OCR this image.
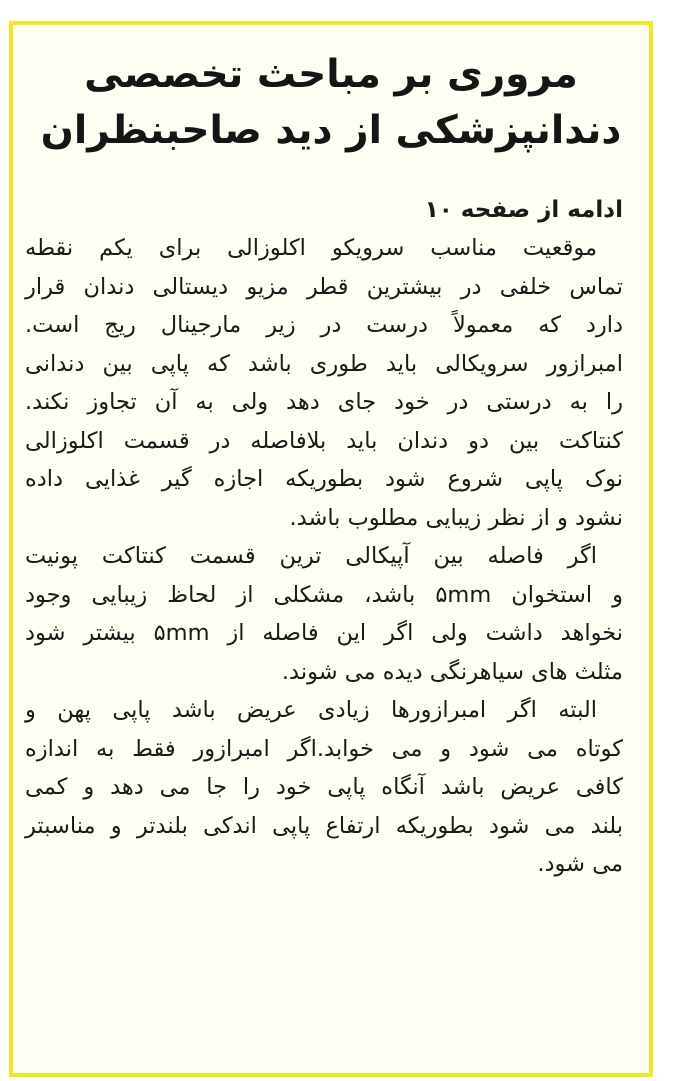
مروری بر مباحث تخصصی
دندانپزشکی از دید صاحبنظران
ادامه از صفحه ۱۰

موقعیت مناسب سرویکو اکلوزالی برای یکم نقطه
تماس خلفی در بیشترین قطر مزیو دیستالی دندان قرار
دارد که معمولاً درست در زیر مارجینال ریج است.
امبرازور سرویکالی باید طوری باشد که پاپی بین دندانی
را به درستی در خود جای دهد ولی به آن تجاوز نکند.
کنتاکت بین دو دندان باید بلافاصله در قسمت اکلوزالی
نوک پاپی شروع شود بطوریکه اجازه گیر غذایی داده
نشود و از نظر زیبایی مطلوب باشد.

اگر فاصله بین آپیکالی ترین قسمت کنتاکت پونیت
و استخوان ۵mm باشد، مشکلی از لحاظ زیبایی وجود
نخواهد داشت ولی اگر این فاصله از ۵mm بیشتر شود
مثلث های سیاهرنگی دیده می شوند.

البته اگر امبرازورها زیادی عریض باشد پاپی پهن و
کوتاه می شود و می خوابد.اگر امبرازور فقط به اندازه
کافی عریض باشد آنگاه پاپی خود را جا می دهد و کمی
بلند می شود بطوریکه ارتفاع پاپی اندکی بلندتر و مناسبتر
می شود.
